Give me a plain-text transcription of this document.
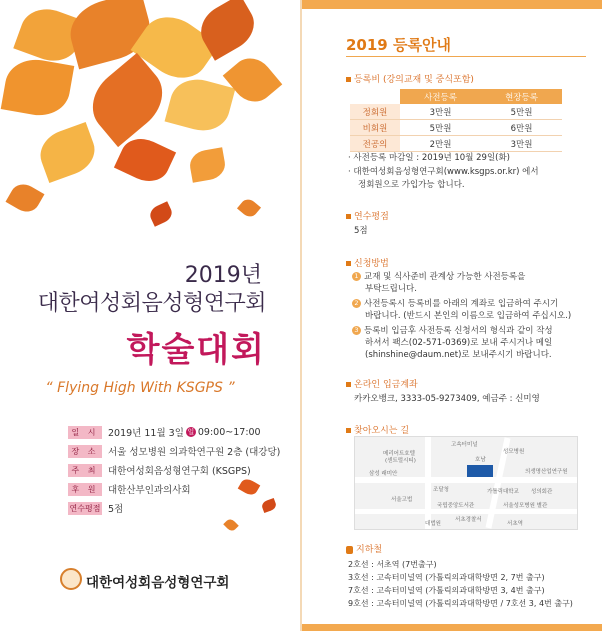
2019년
대한여성회음성형연구회
학술대회
“ Flying High With KSGPS ”
일 시	2019년 11월 3일 일 09:00~17:00
장 소	서울 성모병원 의과학연구원 2층 (대강당)
주 최	대한여성회음성형연구회 (KSGPS)
후 원	대한산부인과의사회
연수평점 5점
대한여성회음성형연구회
2019 등록안내
등록비 (강의교재 및 중식포함)
	사전등록	현장등록
정회원	3만원	5만원
비회원	5만원	6만원
전공의	2만원	3만원
· 사전등록 마감일 : 2019년 10월 29일(화)
· 대한여성회음성형연구회(www.ksgps.or.kr) 에서
정회원으로 가입가능 합니다.
연수평점
5점
신청방법
1 교재 및 식사준비 관계상 가능한 사전등록을
부탁드립니다.
2 사전등록시 등록비를 아래의 계좌로 입금하여 주시기
바랍니다. (반드시 본인의 이름으로 입금하여 주십시오.)
3 등록비 입금후 사전등록 신청서의 형식과 같이 작성
하셔서 팩스(02-571-0369)로 보내 주시거나 메일
(shinshine@daum.net)로 보내주시기 바랍니다.
온라인 입금계좌
카카오뱅크, 3333-05-9273409, 예금주 : 신미영
찾아오시는 길
고속터미널
메리어트호텔
(센트럴시티)
성모병원
의생명산업연구원
삼성 래미안
가톨릭대학교 성의회관
조달청
서울성모병원 별관
국립중앙도서관
서울고법
서초경찰서
대법원	서초역
호남
지하철
2호선 : 서초역 (7번출구)
3호선 : 고속터미널역 (가톨릭의과대학방면 2, 7번 출구)
7호선 : 고속터미널역 (가톨릭의과대학방면 3, 4번 출구)
9호선 : 고속터미널역 (가톨릭의과대학방면 / 7호선 3, 4번 출구)
